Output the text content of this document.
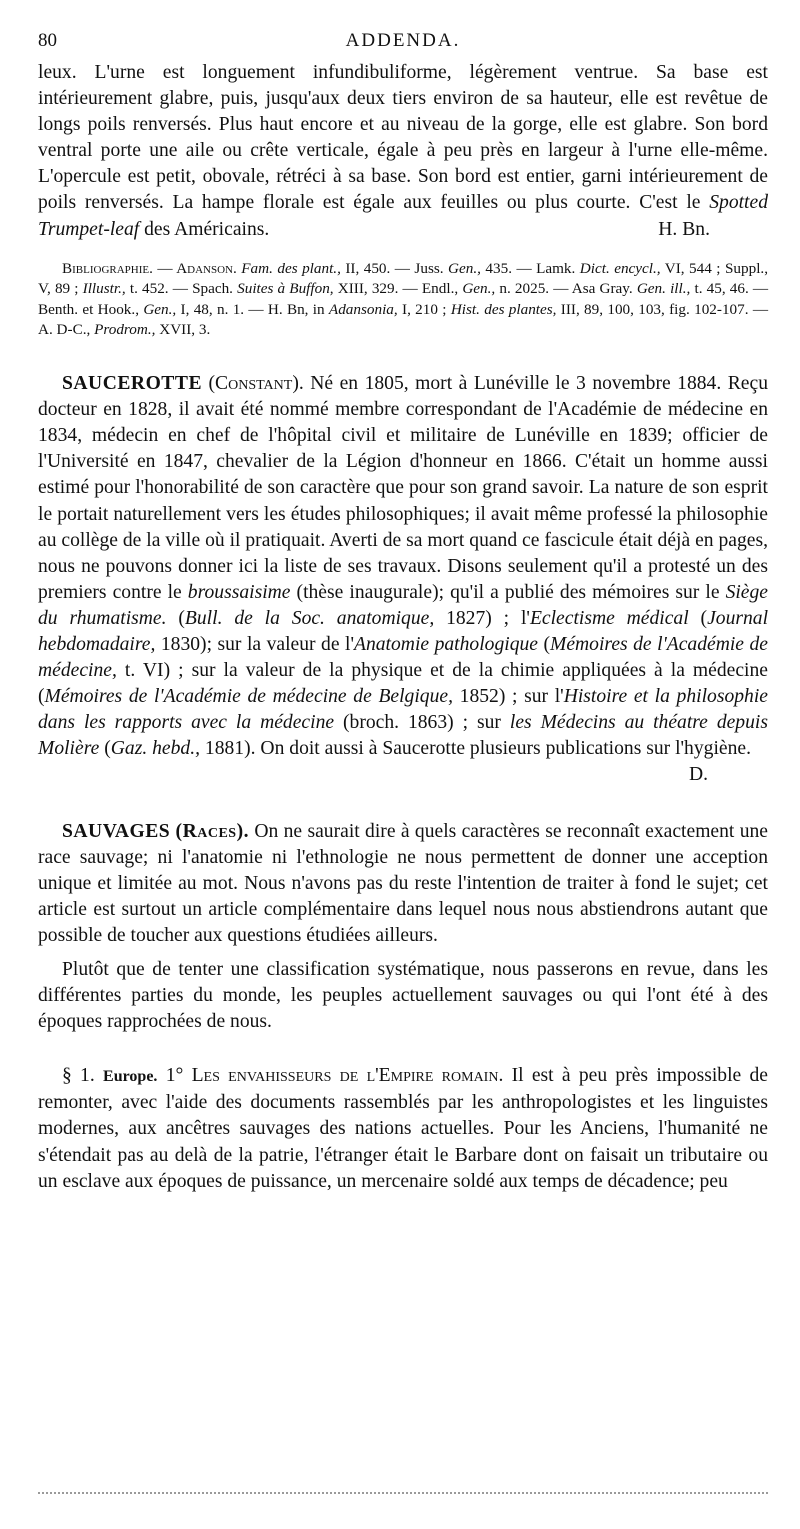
80	ADDENDA.

leux. L'urne est longuement infundibuliforme, légèrement ventrue. Sa base est intérieurement glabre, puis, jusqu'aux deux tiers environ de sa hauteur, elle est revêtue de longs poils renversés. Plus haut encore et au niveau de la gorge, elle est glabre. Son bord ventral porte une aile ou crête verticale, égale à peu près en largeur à l'urne elle-même. L'opercule est petit, obovale, rétréci à sa base. Son bord est entier, garni intérieurement de poils renversés. La hampe florale est égale aux feuilles ou plus courte. C'est le Spotted Trumpet-leaf des Américains.	H. Bn.

Bibliographie. — Adanson. Fam. des plant., II, 450. — Juss. Gen., 435. — Lamk. Dict. encycl., VI, 544 ; Suppl., V, 89 ; Illustr., t. 452. — Spach. Suites à Buffon, XIII, 329. — Endl., Gen., n. 2025. — Asa Gray. Gen. ill., t. 45, 46. — Benth. et Hook., Gen., I, 48, n. 1. — H. Bn, in Adansonia, I, 210 ; Hist. des plantes, III, 89, 100, 103, fig. 102-107. — A. D-C., Prodrom., XVII, 3.

SAUCEROTTE (Constant). Né en 1805, mort à Lunéville le 3 novembre 1884. Reçu docteur en 1828, il avait été nommé membre correspondant de l'Académie de médecine en 1834, médecin en chef de l'hôpital civil et militaire de Lunéville en 1839; officier de l'Université en 1847, chevalier de la Légion d'honneur en 1866. C'était un homme aussi estimé pour l'honorabilité de son caractère que pour son grand savoir. La nature de son esprit le portait naturellement vers les études philosophiques; il avait même professé la philosophie au collège de la ville où il pratiquait. Averti de sa mort quand ce fascicule était déjà en pages, nous ne pouvons donner ici la liste de ses travaux. Disons seulement qu'il a protesté un des premiers contre le broussaisime (thèse inaugurale); qu'il a publié des mémoires sur le Siège du rhumatisme. (Bull. de la Soc. anatomique, 1827) ; l'Eclectisme médical (Journal hebdomadaire, 1830); sur la valeur de l'Anatomie pathologique (Mémoires de l'Académie de médecine, t. VI) ; sur la valeur de la physique et de la chimie appliquées à la médecine (Mémoires de l'Académie de médecine de Belgique, 1852) ; sur l'Histoire et la philosophie dans les rapports avec la médecine (broch. 1863) ; sur les Médecins au théatre depuis Molière (Gaz. hebd., 1881). On doit aussi à Saucerotte plusieurs publications sur l'hygiène.
D.

SAUVAGES (Races). On ne saurait dire à quels caractères se reconnaît exactement une race sauvage; ni l'anatomie ni l'ethnologie ne nous permettent de donner une acception unique et limitée au mot. Nous n'avons pas du reste l'intention de traiter à fond le sujet; cet article est surtout un article complémentaire dans lequel nous nous abstiendrons autant que possible de toucher aux questions étudiées ailleurs.

Plutôt que de tenter une classification systématique, nous passerons en revue, dans les différentes parties du monde, les peuples actuellement sauvages ou qui l'ont été à des époques rapprochées de nous.

§ 1. Europe. 1° Les envahisseurs de l'Empire romain. Il est à peu près impossible de remonter, avec l'aide des documents rassemblés par les anthropologistes et les linguistes modernes, aux ancêtres sauvages des nations actuelles. Pour les Anciens, l'humanité ne s'étendait pas au delà de la patrie, l'étranger était le Barbare dont on faisait un tributaire ou un esclave aux époques de puissance, un mercenaire soldé aux temps de décadence; peu
